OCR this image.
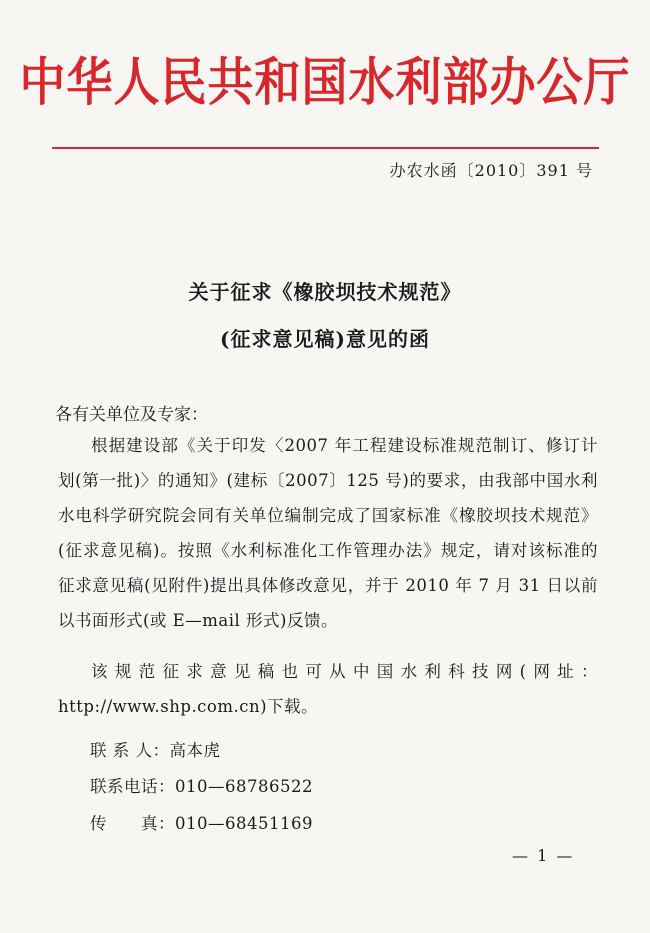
中华人民共和国水利部办公厅
办农水函〔2010〕391 号
关于征求《橡胶坝技术规范》
(征求意见稿)意见的函
各有关单位及专家：
根据建设部《关于印发〈2007 年工程建设标准规范制订、修订计划(第一批)〉的通知》(建标〔2007〕125 号)的要求，由我部中国水利水电科学研究院会同有关单位编制完成了国家标准《橡胶坝技术规范》(征求意见稿)。按照《水利标准化工作管理办法》规定，请对该标准的征求意见稿(见附件)提出具体修改意见，并于 2010 年 7 月 31 日以前以书面形式(或 E—mail 形式)反馈。
该规范征求意见稿也可从中国水利科技网(网址：http://www.shp.com.cn)下载。
联 系 人：高本虎
联系电话：010—68786522
传　　真：010—68451169
— 1 —
